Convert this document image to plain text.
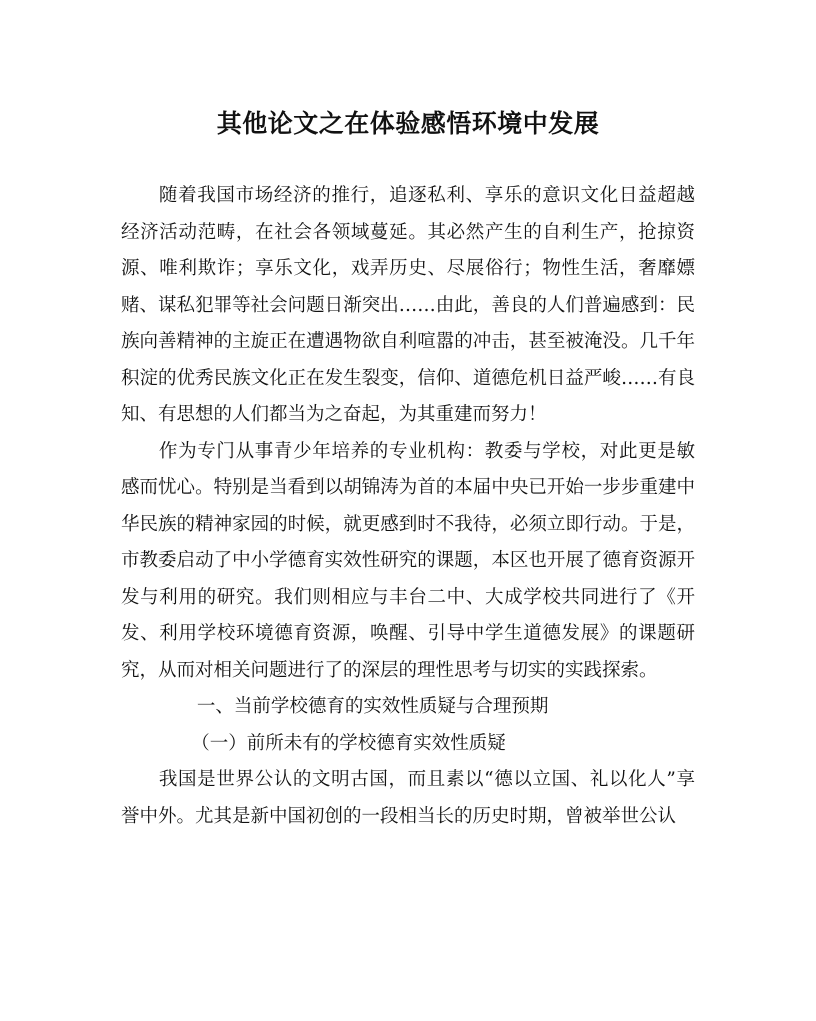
其他论文之在体验感悟环境中发展

随着我国市场经济的推行，追逐私利、享乐的意识文化日益超越经济活动范畴，在社会各领域蔓延。其必然产生的自利生产，抢掠资源、唯利欺诈；享乐文化，戏弄历史、尽展俗行；物性生活，奢靡嫖赌、谋私犯罪等社会问题日渐突出……由此，善良的人们普遍感到：民族向善精神的主旋正在遭遇物欲自利喧嚣的冲击，甚至被淹没。几千年积淀的优秀民族文化正在发生裂变，信仰、道德危机日益严峻……有良知、有思想的人们都当为之奋起，为其重建而努力！

作为专门从事青少年培养的专业机构：教委与学校，对此更是敏感而忧心。特别是当看到以胡锦涛为首的本届中央已开始一步步重建中华民族的精神家园的时候，就更感到时不我待，必须立即行动。于是，市教委启动了中小学德育实效性研究的课题，本区也开展了德育资源开发与利用的研究。我们则相应与丰台二中、大成学校共同进行了《开发、利用学校环境德育资源，唤醒、引导中学生道德发展》的课题研究，从而对相关问题进行了的深层的理性思考与切实的实践探索。

一、当前学校德育的实效性质疑与合理预期

（一）前所未有的学校德育实效性质疑

我国是世界公认的文明古国，而且素以“德以立国、礼以化人”享誉中外。尤其是新中国初创的一段相当长的历史时期，曾被举世公认
